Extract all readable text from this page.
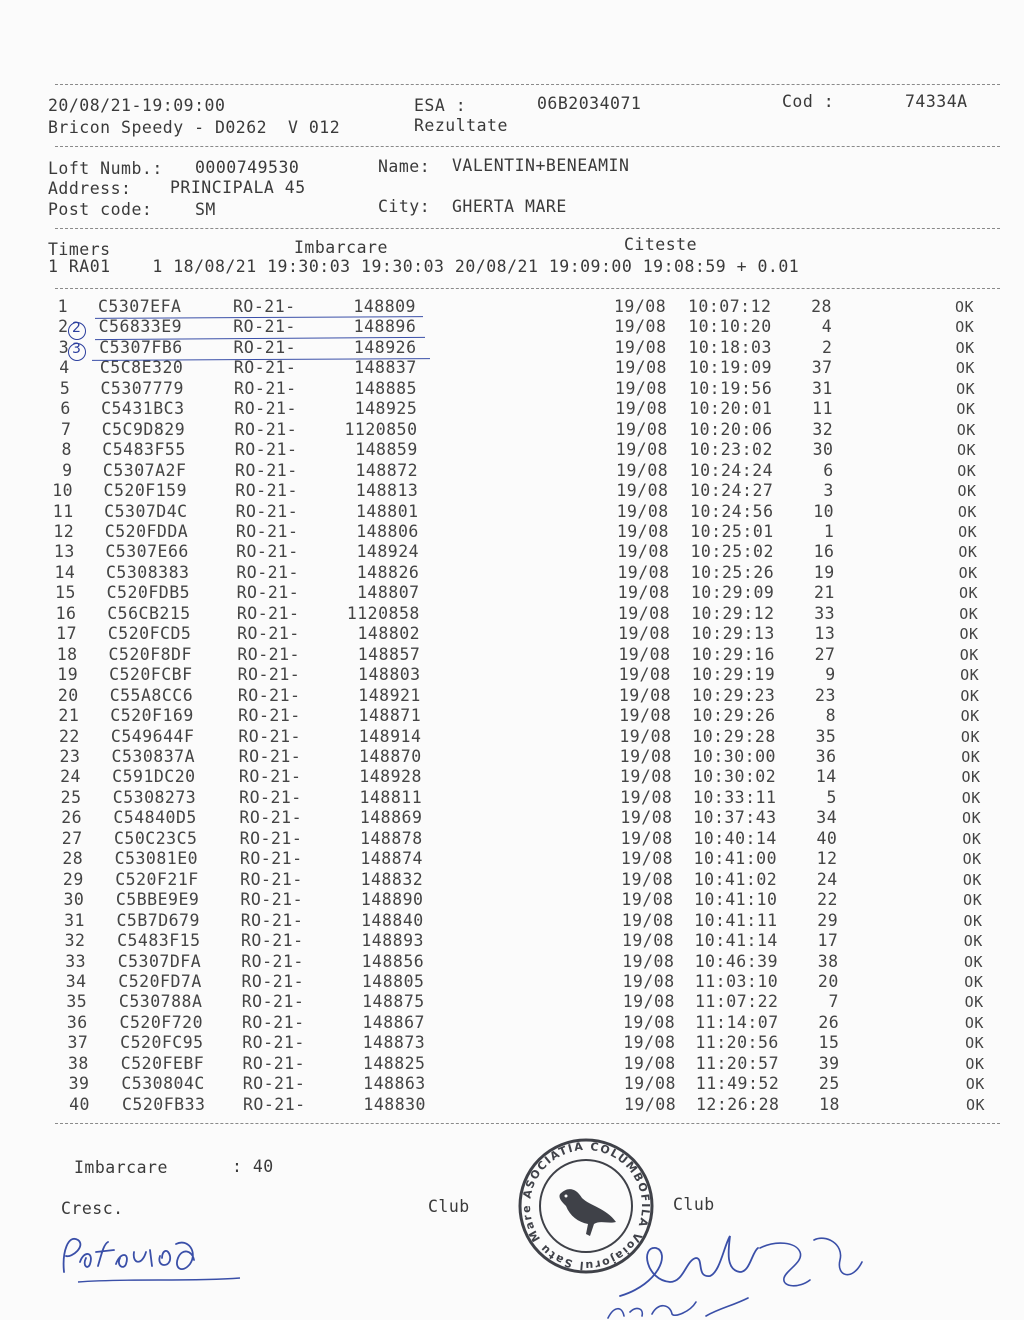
20/08/21-19:09:00	ESA :	06B2034071	Cod :	74334A
Bricon Speedy - D0262  V 012	Rezultate
Loft Numb.: 0000749530	Name: VALENTIN+BENEAMIN
Address: PRINCIPALA 45
Post code:	SM	City: GHERTA MARE
Timers	Imbarcare	Citeste
1 RA01    1 18/08/21 19:30:03 19:30:03 20/08/21 19:09:00 19:08:59 + 0.01
1 C5307EFA	RO-21-	148809	19/08 10:07:12 28	OK
2 C56833E9	RO-21-	148896	19/08 10:10:20	4	OK
3 C5307FB6	RO-21-	148926	19/08 10:18:03	2	OK
4 C5C8E320	RO-21-	148837	19/08 10:19:09 37	OK
5 C5307779	RO-21-	148885	19/08 10:19:56 31	OK
6 C5431BC3	RO-21-	148925	19/08 10:20:01 11	OK
7 C5C9D829	RO-21-	1120850	19/08 10:20:06 32	OK
8 C5483F55	RO-21-	148859	19/08 10:23:02 30	OK
9 C5307A2F	RO-21-	148872	19/08 10:24:24	6	OK
10 C520F159	RO-21-	148813	19/08 10:24:27	3	OK
11 C5307D4C	RO-21-	148801	19/08 10:24:56 10	OK
12 C520FDDA	RO-21-	148806	19/08 10:25:01	1	OK
13 C5307E66	RO-21-	148924	19/08 10:25:02 16	OK
14 C5308383	RO-21-	148826	19/08 10:25:26 19	OK
15 C520FDB5	RO-21-	148807	19/08 10:29:09 21	OK
16 C56CB215	RO-21-	1120858	19/08 10:29:12 33	OK
17 C520FCD5	RO-21-	148802	19/08 10:29:13 13	OK
18 C520F8DF	RO-21-	148857	19/08 10:29:16 27	OK
19 C520FCBF	RO-21-	148803	19/08 10:29:19	9	OK
20 C55A8CC6	RO-21-	148921	19/08 10:29:23 23	OK
21 C520F169	RO-21-	148871	19/08 10:29:26	8	OK
22 C549644F	RO-21-	148914	19/08 10:29:28 35	OK
23 C530837A	RO-21-	148870	19/08 10:30:00 36	OK
24 C591DC20	RO-21-	148928	19/08 10:30:02 14	OK
25 C5308273	RO-21-	148811	19/08 10:33:11	5	OK
26 C54840D5	RO-21-	148869	19/08 10:37:43 34	OK
27 C50C23C5	RO-21-	148878	19/08 10:40:14 40	OK
28 C53081E0	RO-21-	148874	19/08 10:41:00 12	OK
29 C520F21F	RO-21-	148832	19/08 10:41:02 24	OK
30 C5BBE9E9 RO-21-	148890	19/08 10:41:10 22	OK
31 C5B7D679 RO-21-	148840	19/08 10:41:11 29	OK
32 C5483F15 RO-21-	148893	19/08 10:41:14 17	OK
33 C5307DFA RO-21-	148856	19/08 10:46:39 38	OK
34 C520FD7A RO-21-	148805	19/08 11:03:10 20	OK
35 C530788A RO-21-	148875	19/08 11:07:22	7	OK
36 C520F720 RO-21-	148867	19/08 11:14:07 26	OK
37 C520FC95 RO-21-	148873	19/08 11:20:56 15	OK
38 C520FEBF RO-21-	148825	19/08 11:20:57 39	OK
39 C530804C RO-21-	148863	19/08 11:49:52 25	OK
40 C520FB33 RO-21-	148830	19/08 12:26:28 18	OK
2
3
Imbarcare	: 40
Cresc.	Club	Club
ASOCIATIA COLUMBOFILA Voiajorul Satu Mare
